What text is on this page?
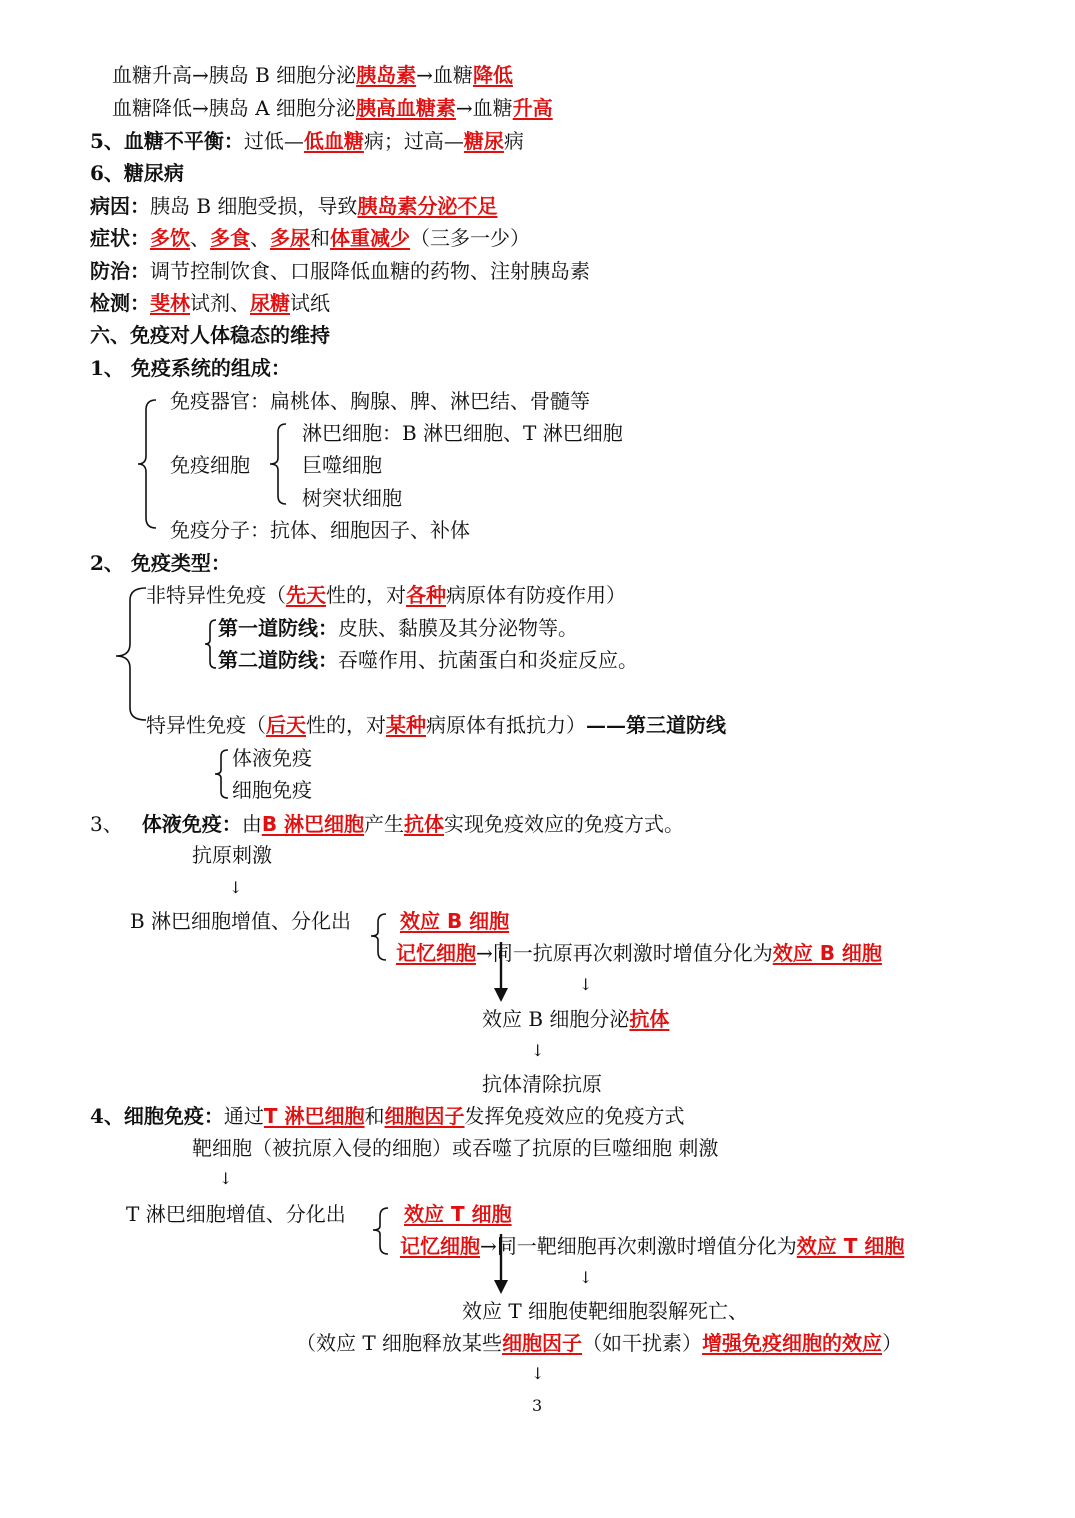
血糖升高→胰岛 B 细胞分泌胰岛素→血糖降低
血糖降低→胰岛 A 细胞分泌胰高血糖素→血糖升高
5、血糖不平衡：过低—低血糖病；过高—糖尿病
6、糖尿病
病因：胰岛 B 细胞受损，导致胰岛素分泌不足
症状：多饮、多食、多尿和体重减少（三多一少）
防治：调节控制饮食、口服降低血糖的药物、注射胰岛素
检测：斐林试剂、尿糖试纸
六、免疫对人体稳态的维持
1、 免疫系统的组成：
免疫器官：扁桃体、胸腺、脾、淋巴结、骨髓等
免疫细胞
淋巴细胞：B 淋巴细胞、T 淋巴细胞
巨噬细胞
树突状细胞
免疫分子：抗体、细胞因子、补体
2、 免疫类型：
非特异性免疫（先天性的，对各种病原体有防疫作用）
第一道防线：皮肤、黏膜及其分泌物等。
第二道防线：吞噬作用、抗菌蛋白和炎症反应。
特异性免疫（后天性的，对某种病原体有抵抗力）——第三道防线
体液免疫
细胞免疫
3、 体液免疫：由B 淋巴细胞产生抗体实现免疫效应的免疫方式。
抗原刺激
↓
B 淋巴细胞增值、分化出 效应 B 细胞
记忆细胞→同一抗原再次刺激时增值分化为效应 B 细胞
↓
效应 B 细胞分泌抗体
↓
抗体清除抗原
4、细胞免疫：通过T 淋巴细胞和细胞因子发挥免疫效应的免疫方式
靶细胞（被抗原入侵的细胞）或吞噬了抗原的巨噬细胞 刺激
↓
T 淋巴细胞增值、分化出	效应 T 细胞
记忆细胞→同一靶细胞再次刺激时增值分化为效应 T 细胞
↓
效应 T 细胞使靶细胞裂解死亡、
（效应 T 细胞释放某些细胞因子（如干扰素）增强免疫细胞的效应）
↓
3
